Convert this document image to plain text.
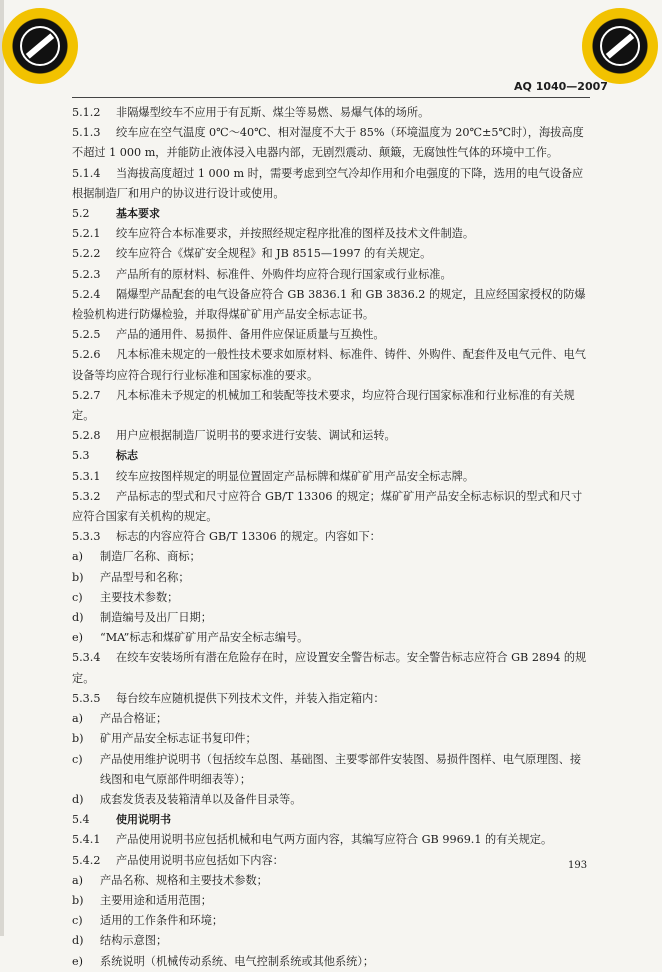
AQ 1040—2007

5.1.2 非隔爆型绞车不应用于有瓦斯、煤尘等易燃、易爆气体的场所。

5.1.3 绞车应在空气温度 0℃～40℃、相对湿度不大于 85%（环境温度为 20℃±5℃时），海拔高度不超过 1 000 m，并能防止液体浸入电器内部，无剧烈震动、颠簸，无腐蚀性气体的环境中工作。

5.1.4 当海拔高度超过 1 000 m 时，需要考虑到空气冷却作用和介电强度的下降，选用的电气设备应根据制造厂和用户的协议进行设计或使用。

5.2 基本要求

5.2.1 绞车应符合本标准要求，并按照经规定程序批准的图样及技术文件制造。

5.2.2 绞车应符合《煤矿安全规程》和 JB 8515—1997 的有关规定。

5.2.3 产品所有的原材料、标准件、外购件均应符合现行国家或行业标准。

5.2.4 隔爆型产品配套的电气设备应符合 GB 3836.1 和 GB 3836.2 的规定，且应经国家授权的防爆检验机构进行防爆检验，并取得煤矿矿用产品安全标志证书。

5.2.5 产品的通用件、易损件、备用件应保证质量与互换性。

5.2.6 凡本标准未规定的一般性技术要求如原材料、标准件、铸件、外购件、配套件及电气元件、电气设备等均应符合现行行业标准和国家标准的要求。

5.2.7 凡本标准未予规定的机械加工和装配等技术要求，均应符合现行国家标准和行业标准的有关规定。

5.2.8 用户应根据制造厂说明书的要求进行安装、调试和运转。

5.3 标志

5.3.1 绞车应按图样规定的明显位置固定产品标牌和煤矿矿用产品安全标志牌。

5.3.2 产品标志的型式和尺寸应符合 GB/T 13306 的规定；煤矿矿用产品安全标志标识的型式和尺寸应符合国家有关机构的规定。

5.3.3 标志的内容应符合 GB/T 13306 的规定。内容如下：

a) 制造厂名称、商标；

b) 产品型号和名称；

c) 主要技术参数；

d) 制造编号及出厂日期；

e) “MA”标志和煤矿矿用产品安全标志编号。

5.3.4 在绞车安装场所有潜在危险存在时，应设置安全警告标志。安全警告标志应符合 GB 2894 的规定。

5.3.5 每台绞车应随机提供下列技术文件，并装入指定箱内：

a) 产品合格证；

b) 矿用产品安全标志证书复印件；

c) 产品使用维护说明书（包括绞车总图、基础图、主要零部件安装图、易损件图样、电气原理图、接线图和电气原部件明细表等）；

d) 成套发货表及装箱清单以及备件目录等。

5.4 使用说明书

5.4.1 产品使用说明书应包括机械和电气两方面内容，其编写应符合 GB 9969.1 的有关规定。

5.4.2 产品使用说明书应包括如下内容：

a) 产品名称、规格和主要技术参数；

b) 主要用途和适用范围；

c) 适用的工作条件和环境；

d) 结构示意图；

e) 系统说明（机械传动系统、电气控制系统或其他系统）；

193
